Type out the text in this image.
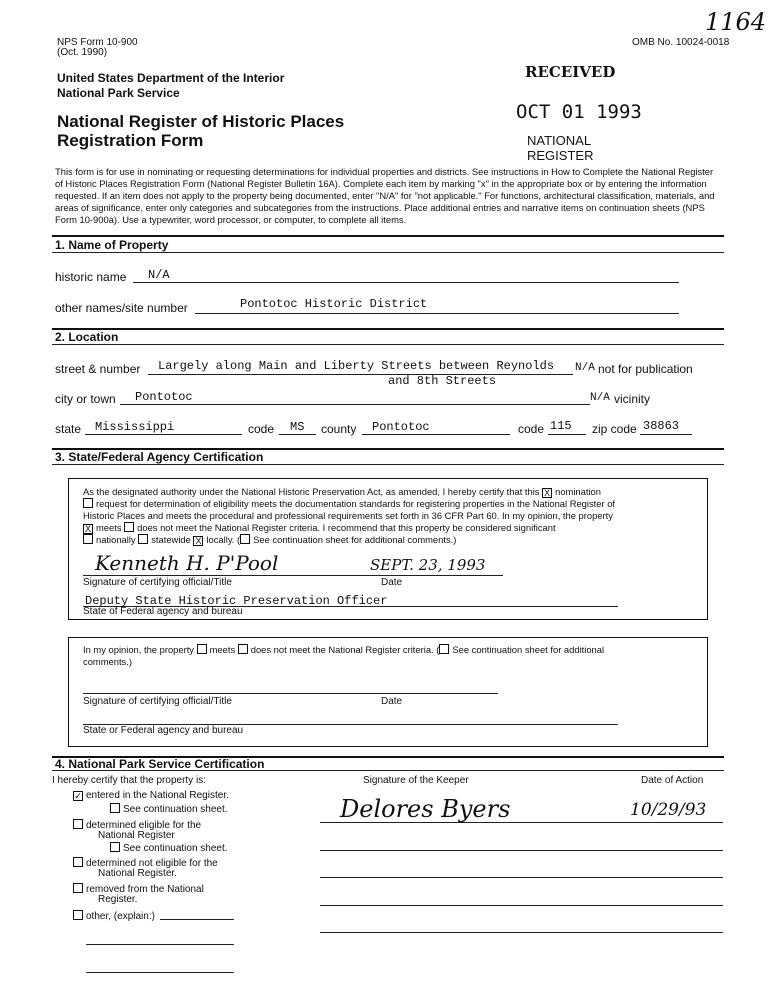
NPS Form 10-900
(Oct. 1990)
OMB No. 10024-0018
1164
United States Department of the Interior
National Park Service
National Register of Historic Places
Registration Form
RECEIVED
OCT 01 1993
NATIONAL
REGISTER
This form is for use in nominating or requesting determinations for individual properties and districts. See instructions in How to Complete the National Register of Historic Places Registration Form (National Register Bulletin 16A). Complete each item by marking "x" in the appropriate box or by entering the information requested. If an item does not apply to the property being documented, enter "N/A" for "not applicable." For functions, architectural classification, materials, and areas of significance, enter only categories and subcategories from the instructions. Place additional entries and narrative items on continuation sheets (NPS Form 10-900a). Use a typewriter, word processor, or computer, to complete all items.
1. Name of Property
historic name N/A
other names/site number	Pontotoc Historic District
2. Location
street & number Largely along Main and Liberty Streets between Reynolds
and 8th Streets
N/A not for publication
city or town Pontotoc	N/A vicinity
state Mississippi	code MS county Pontotoc	code 115 zip code 38863
3. State/Federal Agency Certification
As the designated authority under the National Historic Preservation Act, as amended, I hereby certify that this X nomination
request for determination of eligibility meets the documentation standards for registering properties in the National Register of
Historic Places and meets the procedural and professional requirements set forth in 36 CFR Part 60. In my opinion, the property
X meets does not meet the National Register criteria. I recommend that this property be considered significant
nationally statewide X locally. ( See continuation sheet for additional comments.)
Kenneth H. P'Pool	SEPT. 23, 1993
Signature of certifying official/Title	Date
Deputy State Historic Preservation Officer
State of Federal agency and bureau
In my opinion, the property meets does not meet the National Register criteria. ( See continuation sheet for additional
comments.)
Signature of certifying official/Title	Date
State or Federal agency and bureau
4. National Park Service Certification
I hereby certify that the property is:
✓ entered in the National Register.
See continuation sheet.
determined eligible for the
National Register
See continuation sheet.
determined not eligible for the
National Register.
removed from the National
Register.
other, (explain:)
Signature of the Keeper	Date of Action
Delores Byers	10/29/93
